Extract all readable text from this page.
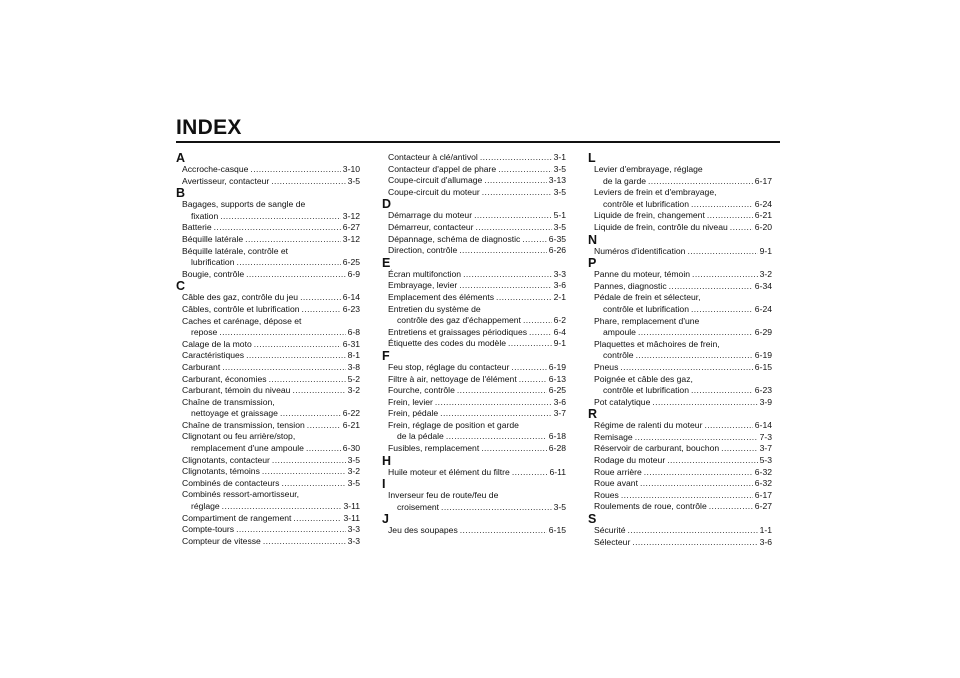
INDEX
A
Accroche-casque .....	3-10
Avertisseur, contacteur .....	3-5
B
Bagages, supports de sangle de
fixation .....	3-12
Batterie .....	6-27
Béquille latérale .....	3-12
Béquille latérale, contrôle et
lubrification .....	6-25
Bougie, contrôle .....	6-9
C
Câble des gaz, contrôle du jeu .....	6-14
Câbles, contrôle et lubrification .....	6-23
Caches et carénage, dépose et
repose .....	6-8
Calage de la moto .....	6-31
Caractéristiques .....	8-1
Carburant .....	3-8
Carburant, économies .....	5-2
Carburant, témoin du niveau .....	3-2
Chaîne de transmission,
nettoyage et graissage .....	6-22
Chaîne de transmission, tension .....	6-21
Clignotant ou feu arrière/stop,
remplacement d'une ampoule .....	6-30
Clignotants, contacteur .....	3-5
Clignotants, témoins .....	3-2
Combinés de contacteurs .....	3-5
Combinés ressort-amortisseur,
réglage .....	3-11
Compartiment de rangement .....	3-11
Compte-tours .....	3-3
Compteur de vitesse .....	3-3
Contacteur à clé/antivol .....	3-1
Contacteur d'appel de phare .....	3-5
Coupe-circuit d'allumage .....	3-13
Coupe-circuit du moteur .....	3-5
D
Démarrage du moteur .....	5-1
Démarreur, contacteur .....	3-5
Dépannage, schéma de diagnostic .....	6-35
Direction, contrôle .....	6-26
E
Écran multifonction .....	3-3
Embrayage, levier .....	3-6
Emplacement des éléments .....	2-1
Entretien du système de
contrôle des gaz d'échappement .....	6-2
Entretiens et graissages périodiques .....	6-4
Étiquette des codes du modèle .....	9-1
F
Feu stop, réglage du contacteur .....	6-19
Filtre à air, nettoyage de l'élément .....	6-13
Fourche, contrôle .....	6-25
Frein, levier .....	3-6
Frein, pédale .....	3-7
Frein, réglage de position et garde
de la pédale .....	6-18
Fusibles, remplacement .....	6-28
H
Huile moteur et élément du filtre .....	6-11
I
Inverseur feu de route/feu de
croisement .....	3-5
J
Jeu des soupapes .....	6-15
L
Levier d'embrayage, réglage
de la garde .....	6-17
Leviers de frein et d'embrayage,
contrôle et lubrification .....	6-24
Liquide de frein, changement .....	6-21
Liquide de frein, contrôle du niveau .....	6-20
N
Numéros d'identification .....	9-1
P
Panne du moteur, témoin .....	3-2
Pannes, diagnostic .....	6-34
Pédale de frein et sélecteur,
contrôle et lubrification .....	6-24
Phare, remplacement d'une
ampoule .....	6-29
Plaquettes et mâchoires de frein,
contrôle .....	6-19
Pneus .....	6-15
Poignée et câble des gaz,
contrôle et lubrification .....	6-23
Pot catalytique .....	3-9
R
Régime de ralenti du moteur .....	6-14
Remisage .....	7-3
Réservoir de carburant, bouchon .....	3-7
Rodage du moteur .....	5-3
Roue arrière .....	6-32
Roue avant .....	6-32
Roues .....	6-17
Roulements de roue, contrôle .....	6-27
S
Sécurité .....	1-1
Sélecteur .....	3-6
